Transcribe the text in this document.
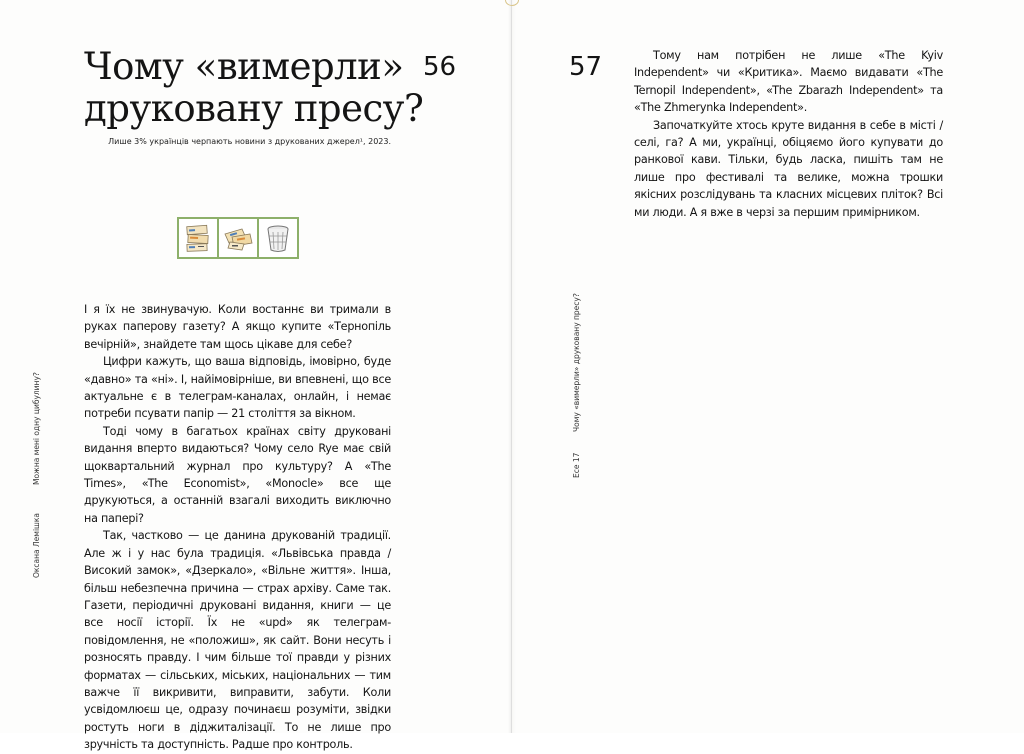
Чому «вимерли»
друковану пресу?
56
Лише 3% українців черпають новини з друкованих джерел¹, 2023.

І я їх не звинувачую. Коли востаннє ви тримали в руках паперову газету? А якщо купите «Тернопіль вечірній», знайдете там щось цікаве для себе?

Цифри кажуть, що ваша відповідь, імовірно, буде «давно» та «ні». І, найімовірніше, ви впевнені, що все актуальне є в телеграм-каналах, онлайн, і немає потреби псувати папір — 21 століття за вікном.

Тоді чому в багатьох країнах світу друковані видання вперто видаються? Чому село Rye має свій щоквартальний журнал про культуру? А «The Times», «The Economist», «Monocle» все ще друкуються, а останній взагалі виходить виключно на папері?

Так, частково — це данина друкованій традиції. Але ж і у нас була традиція. «Львівська правда / Високий замок», «Дзеркало», «Вільне життя». Інша, більш небезпечна причина — страх архіву. Саме так. Газети, періодичні друковані видання, книги — це все носії історії. Їх не «upd» як телеграм-повідомлення, не «положиш», як сайт. Вони несуть і розносять правду. І чим більше тої правди у різних форматах — сільських, міських, національних — тим важче її викривити, виправити, забути. Коли усвідомлюєш це, одразу починаєш розуміти, звідки ростуть ноги в діджиталізації. То не лише про зручність та доступність. Радше про контроль.

Можна мені одну цибулину?
Оксана Лемішка
57	Тому нам потрібен не лише «The Kyiv Independent» чи «Критика». Маємо видавати «The Ternopil Independent», «The Zbarazh Independent» та «The Zhmerynka Independent».

Започаткуйте хтось круте видання в себе в місті / селі, га? А ми, українці, обіцяємо його купувати до ранкової кави. Тільки, будь ласка, пишіть там не лише про фестивалі та велике, можна трошки якісних розслідувань та класних місцевих пліток? Всі ми люди. А я вже в черзі за першим примірником.

Чому «вимерли» друковану пресу?
Есе 17
